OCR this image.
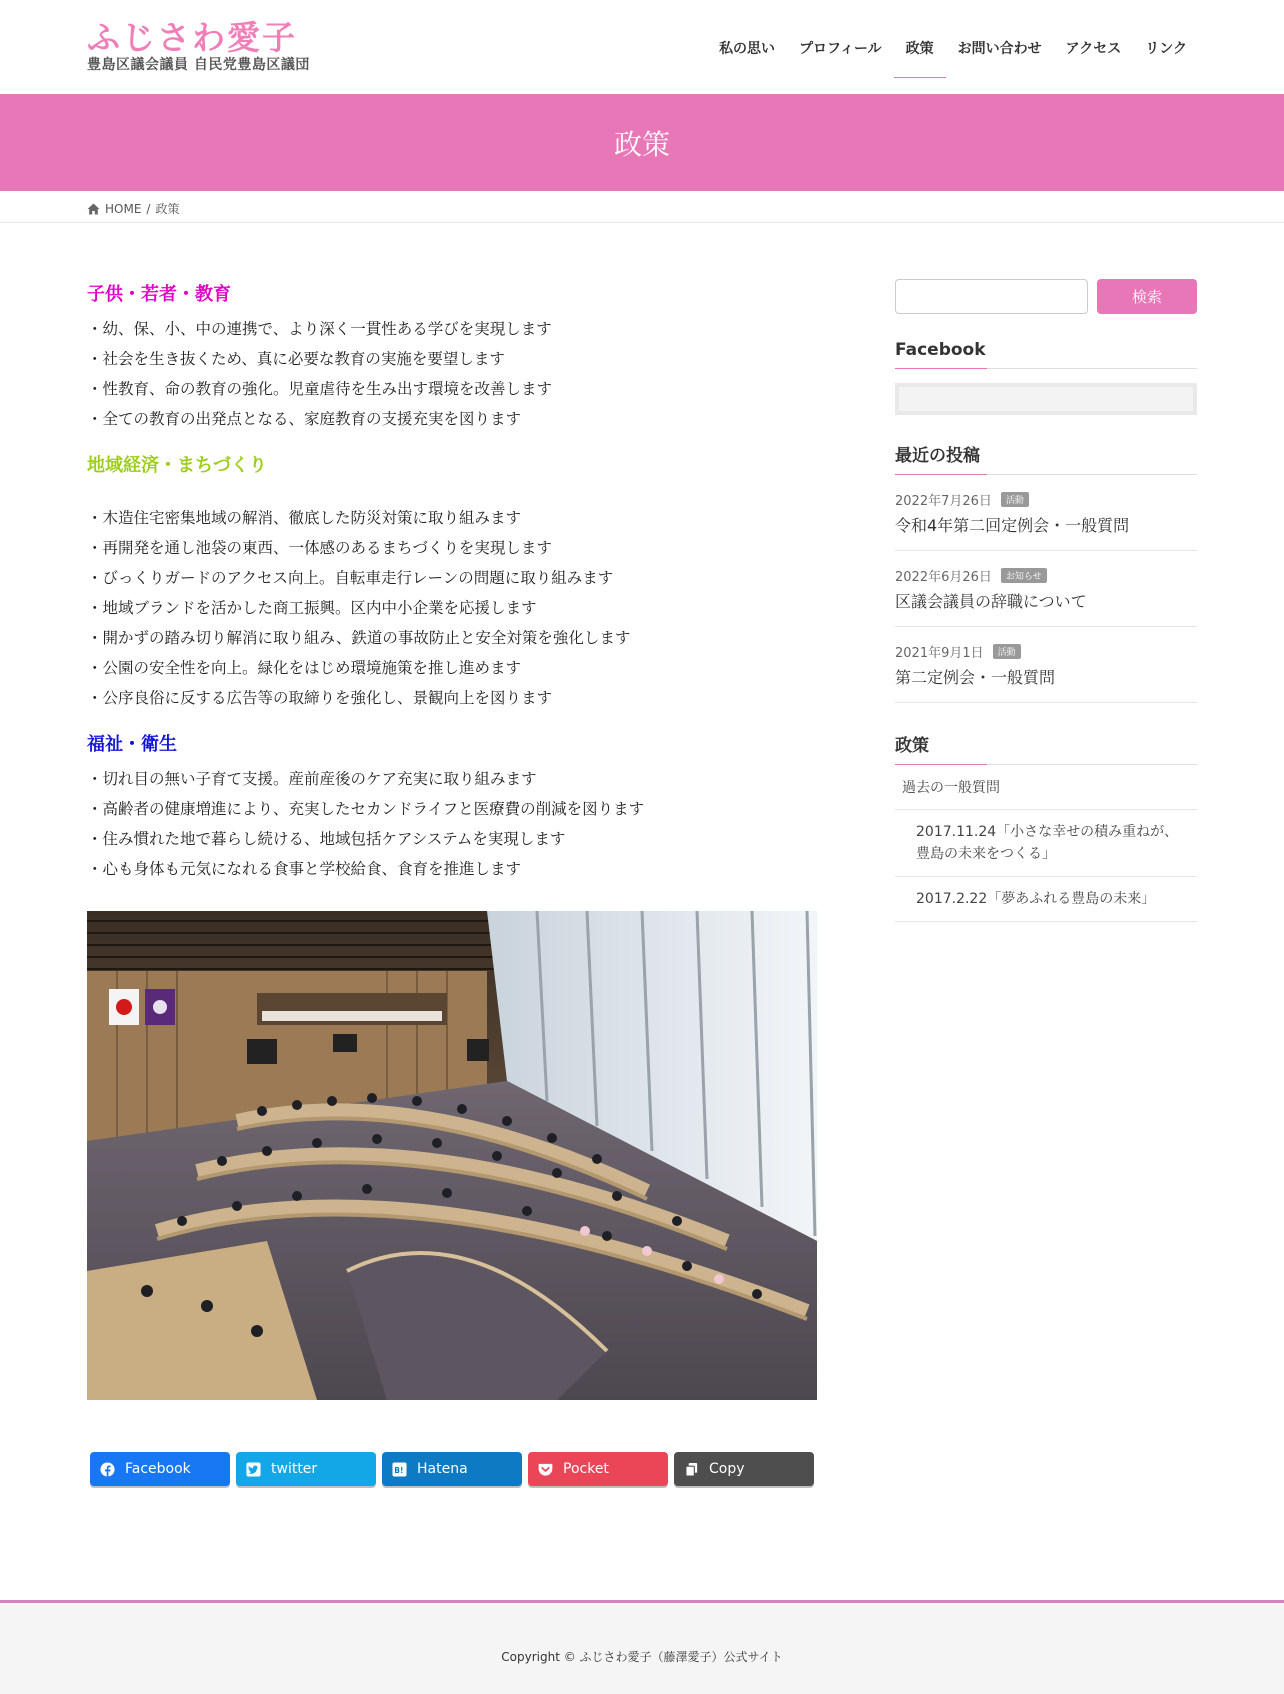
ふじさわ愛子
豊島区議会議員 自民党豊島区議団
私の思い	プロフィール	政策	お問い合わせ	アクセス	リンク
政策
HOME / 政策
子供・若者・教育
・幼、保、小、中の連携で、より深く一貫性ある学びを実現します
・社会を生き抜くため、真に必要な教育の実施を要望します
・性教育、命の教育の強化。児童虐待を生み出す環境を改善します
・全ての教育の出発点となる、家庭教育の支援充実を図ります
地域経済・まちづくり
・木造住宅密集地域の解消、徹底した防災対策に取り組みます
・再開発を通し池袋の東西、一体感のあるまちづくりを実現します
・びっくりガードのアクセス向上。自転車走行レーンの問題に取り組みます
・地域ブランドを活かした商工振興。区内中小企業を応援します
・開かずの踏み切り解消に取り組み、鉄道の事故防止と安全対策を強化します
・公園の安全性を向上。緑化をはじめ環境施策を推し進めます
・公序良俗に反する広告等の取締りを強化し、景観向上を図ります
福祉・衛生
・切れ目の無い子育て支援。産前産後のケア充実に取り組みます
・高齢者の健康増進により、充実したセカンドライフと医療費の削減を図ります
・住み慣れた地で暮らし続ける、地域包括ケアシステムを実現します
・心も身体も元気になれる食事と学校給食、食育を推進します
Facebook	twitter	B! Hatena	Pocket	Copy
検索
Facebook
最近の投稿
2022年7月26日	活動
令和4年第二回定例会・一般質問
2022年6月26日	お知らせ
区議会議員の辞職について
2021年9月1日	活動
第二定例会・一般質問
政策
過去の一般質問
2017.11.24「小さな幸せの積み重ねが、豊島の未来をつくる」
2017.2.22「夢あふれる豊島の未来」

Copyright © ふじさわ愛子（藤澤愛子）公式サイト
